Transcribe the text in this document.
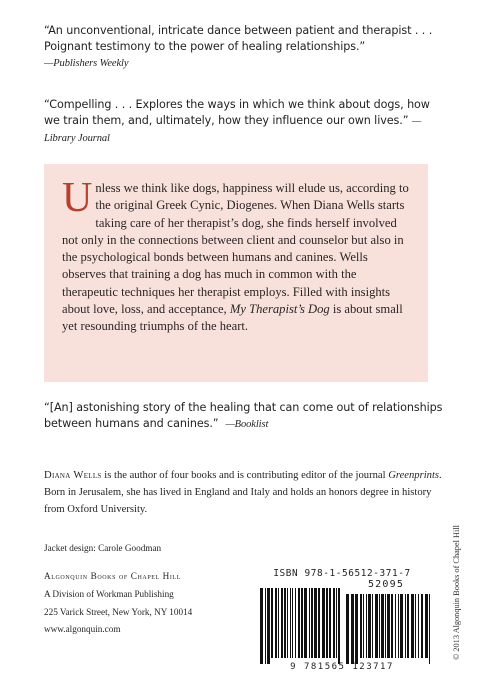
“An unconventional, intricate dance between patient and therapist . . . Poignant testimony to the power of healing relationships.”
—Publishers Weekly
“Compelling . . . Explores the ways in which we think about dogs, how we train them, and, ultimately, how they influence our own lives.” —Library Journal

Unless we think like dogs, happiness will elude us, according to the original Greek Cynic, Diogenes. When Diana Wells starts taking care of her therapist’s dog, she finds herself involved not only in the connections between client and counselor but also in the psychological bonds between humans and canines. Wells observes that training a dog has much in common with the therapeutic techniques her therapist employs. Filled with insights about love, loss, and acceptance, My Therapist’s Dog is about small yet resounding triumphs of the heart.

“[An] astonishing story of the healing that can come out of relationships between humans and canines.” —Booklist
Diana Wells is the author of four books and is contributing editor of the journal Greenprints. Born in Jerusalem, she has lived in England and Italy and holds an honors degree in history from Oxford University.
Jacket design: Carole Goodman
Algonquin Books of Chapel Hill
A Division of Workman Publishing
225 Varick Street, New York, NY 10014
www.algonquin.com	© 2013 Algonquin Books of Chapel Hill
ISBN 978-1-56512-371-7
52095
9 781565 123717
